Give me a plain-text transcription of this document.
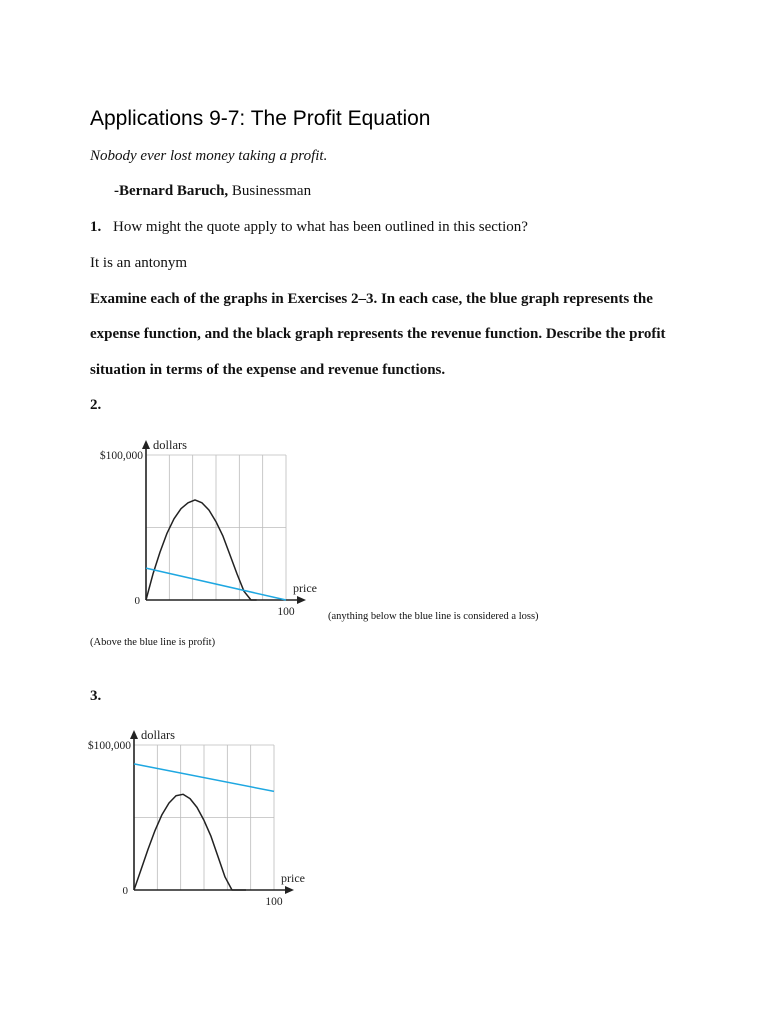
Applications 9-7: The Profit Equation
Nobody ever lost money taking a profit.
-Bernard Baruch, Businessman
1. How might the quote apply to what has been outlined in this section?
It is an antonym
Examine each of the graphs in Exercises 2–3. In each case, the blue graph represents the
expense function, and the black graph represents the revenue function. Describe the profit
situation in terms of the expense and revenue functions.
2.
dollars
$100,000
0
100
price
(anything below the blue line is considered a loss)
(Above the blue line is profit)
3.
dollars
$100,000
0
100
price
